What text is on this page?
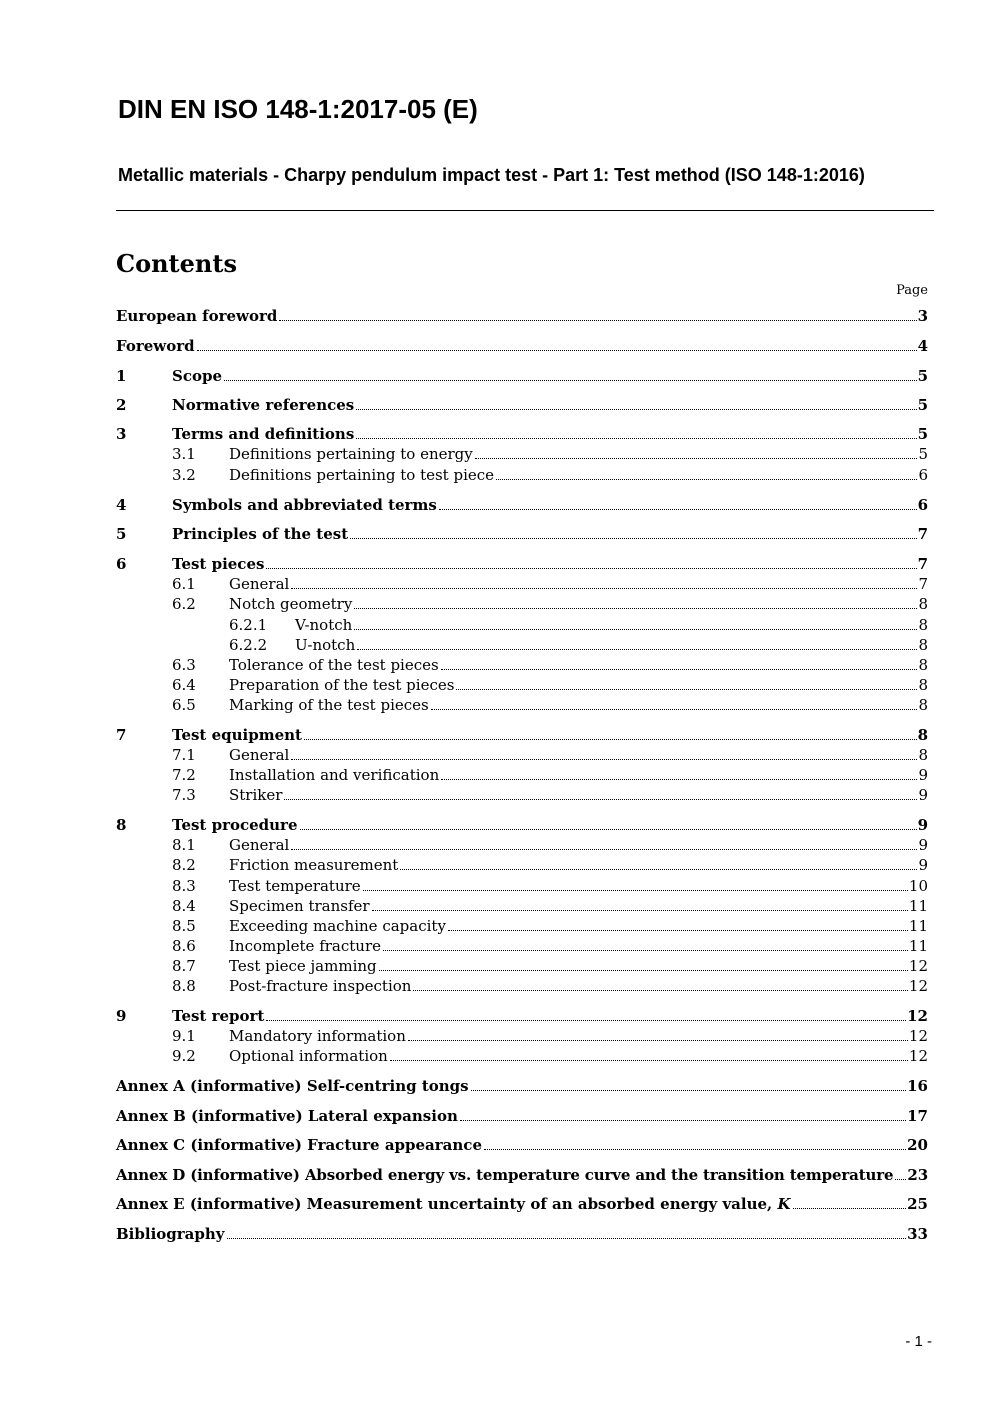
DIN EN ISO 148-1:2017-05 (E)
Metallic materials - Charpy pendulum impact test - Part 1: Test method (ISO 148-1:2016)
Contents
Page
European foreword	3
Foreword	4
1	Scope	5
2	Normative references	5
3	Terms and definitions	5
3.1	Definitions pertaining to energy	5
3.2	Definitions pertaining to test piece	6
4	Symbols and abbreviated terms	6
5	Principles of the test	7
6	Test pieces	7
6.1	General	7
6.2	Notch geometry	8
6.2.1	V-notch	8
6.2.2	U-notch	8
6.3	Tolerance of the test pieces	8
6.4	Preparation of the test pieces	8
6.5	Marking of the test pieces	8
7	Test equipment	8
7.1	General	8
7.2	Installation and verification	9
7.3	Striker	9
8	Test procedure	9
8.1	General	9
8.2	Friction measurement	9
8.3	Test temperature	10
8.4	Specimen transfer	11
8.5	Exceeding machine capacity	11
8.6	Incomplete fracture	11
8.7	Test piece jamming	12
8.8	Post-fracture inspection	12
9	Test report	12
9.1	Mandatory information	12
9.2	Optional information	12
Annex A (informative) Self-centring tongs	16
Annex B (informative) Lateral expansion	17
Annex C (informative) Fracture appearance	20
Annex D (informative) Absorbed energy vs. temperature curve and the transition temperature 23
Annex E (informative) Measurement uncertainty of an absorbed energy value, K	25
Bibliography	33
- 1 -
